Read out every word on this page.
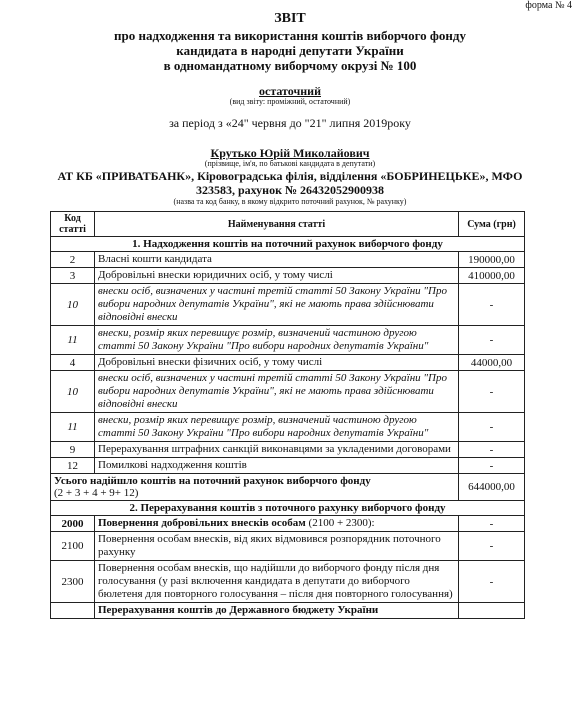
форма № 4
ЗВІТ
про надходження та використання коштів виборчого фонду
кандидата в народні депутати України
в одномандатному виборчому окрузі № 100
остаточний
(вид звіту: проміжний, остаточний)
за період з «24" червня до "21" липня 2019року
Крутько Юрій Миколайович
(прізвище, ім'я, по батькові кандидата в депутати)
АТ КБ «ПРИВАТБАНК», Кіровоградська філія, відділення «БОБРИНЕЦЬКЕ», МФО
323583, рахунок № 26432052900938
(назва та код банку, в якому відкрито поточний рахунок, № рахунку)
Код статті	Найменування статті	Сума (грн)
1. Надходження коштів на поточний рахунок виборчого фонду		
2	Власні кошти кандидата	190000,00
3	Добровільні внески юридичних осіб, у тому числі	410000,00
10	внески осіб, визначених у частині третій статті 50 Закону України "Про вибори народних депутатів України", які не мають права здійснювати відповідні внески	-
11	внески, розмір яких перевищує розмір, визначений частиною другою статті 50 Закону України "Про вибори народних депутатів України"	-
4	Добровільні внески фізичних осіб, у тому числі	44000,00
10	внески осіб, визначених у частині третій статті 50 Закону України "Про вибори народних депутатів України", які не мають права здійснювати відповідні внески	-
11	внески, розмір яких перевищує розмір, визначений частиною другою статті 50 Закону України "Про вибори народних депутатів України"	-
9	Перерахування штрафних санкцій виконавцями за укладеними договорами	-
12	Помилкові надходження коштів	-
Усього надійшло коштів на поточний рахунок виборчого фонду
(2 + 3 + 4 + 9+ 12)		644000,00
2. Перерахування коштів з поточного рахунку виборчого фонду		
2000	Повернення добровільних внесків особам (2100 + 2300):	-
2100	Повернення особам внесків, від яких відмовився розпорядник поточного рахунку	-
2300	Повернення особам внесків, що надійшли до виборчого фонду після дня голосування (у разі включення кандидата в депутати до виборчого бюлетеня для повторного голосування – після дня повторного голосування)	-
	Перерахування коштів до Державного бюджету України	
